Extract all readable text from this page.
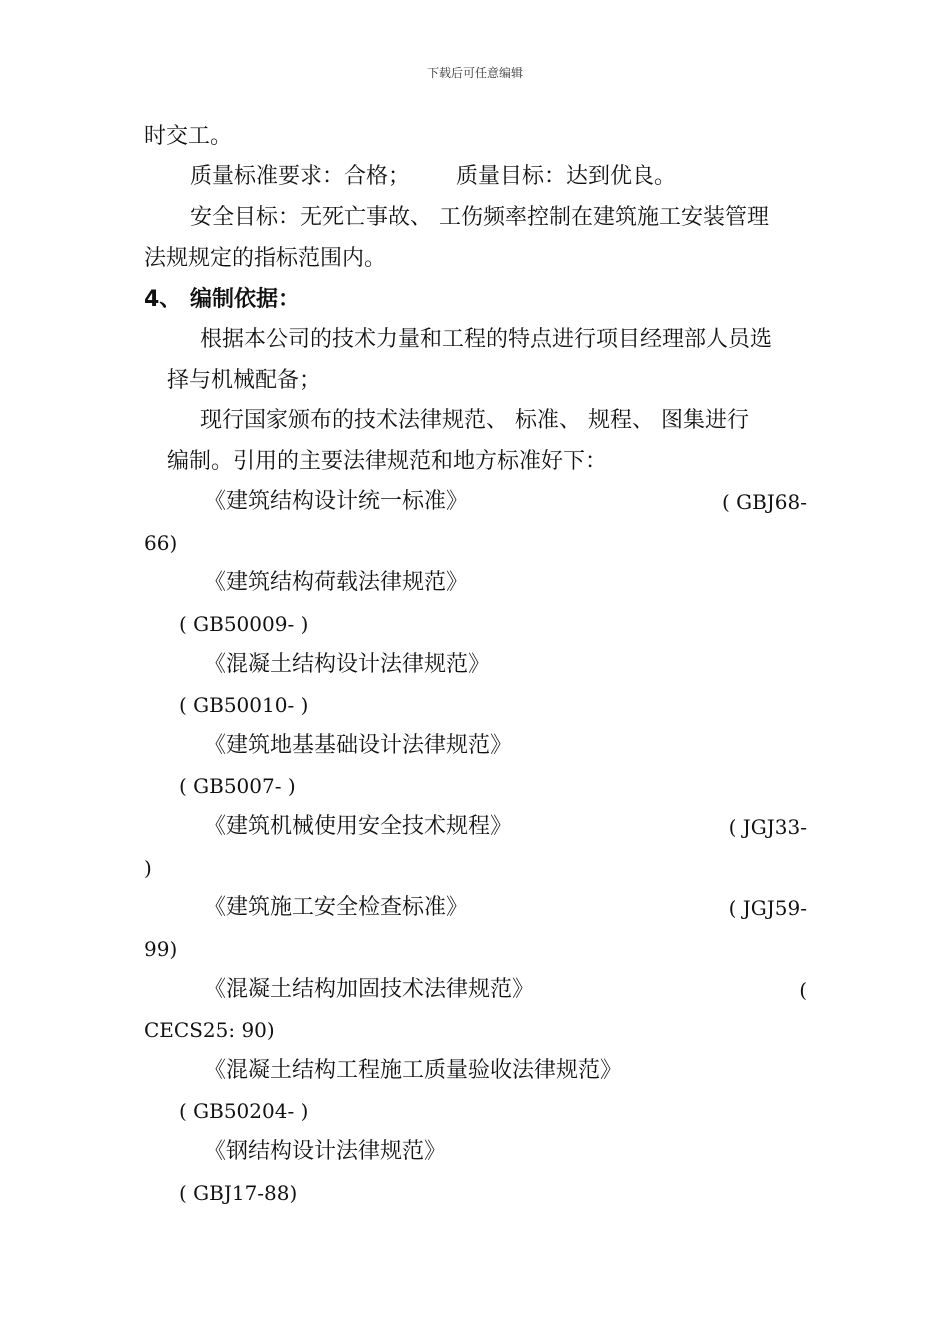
下载后可任意编辑
时交工。
质量标准要求：合格； 质量目标：达到优良。
安全目标：无死亡事故、 工伤频率控制在建筑施工安装管理
法规规定的指标范围内。
4、 编制依据：
根据本公司的技术力量和工程的特点进行项目经理部人员选
择与机械配备；
现行国家颁布的技术法律规范、 标准、 规程、 图集进行
编制。引用的主要法律规范和地方标准好下：
《建筑结构设计统一标准》	( GBJ68-
66)
《建筑结构荷载法律规范》
( GB50009- )
《混凝土结构设计法律规范》
( GB50010- )
《建筑地基基础设计法律规范》
( GB5007- )
《建筑机械使用安全技术规程》	( JGJ33-
)
《建筑施工安全检查标准》	( JGJ59-
99)
《混凝土结构加固技术法律规范》	(
CECS25: 90)
《混凝土结构工程施工质量验收法律规范》
( GB50204- )
《钢结构设计法律规范》
( GBJ17-88)
